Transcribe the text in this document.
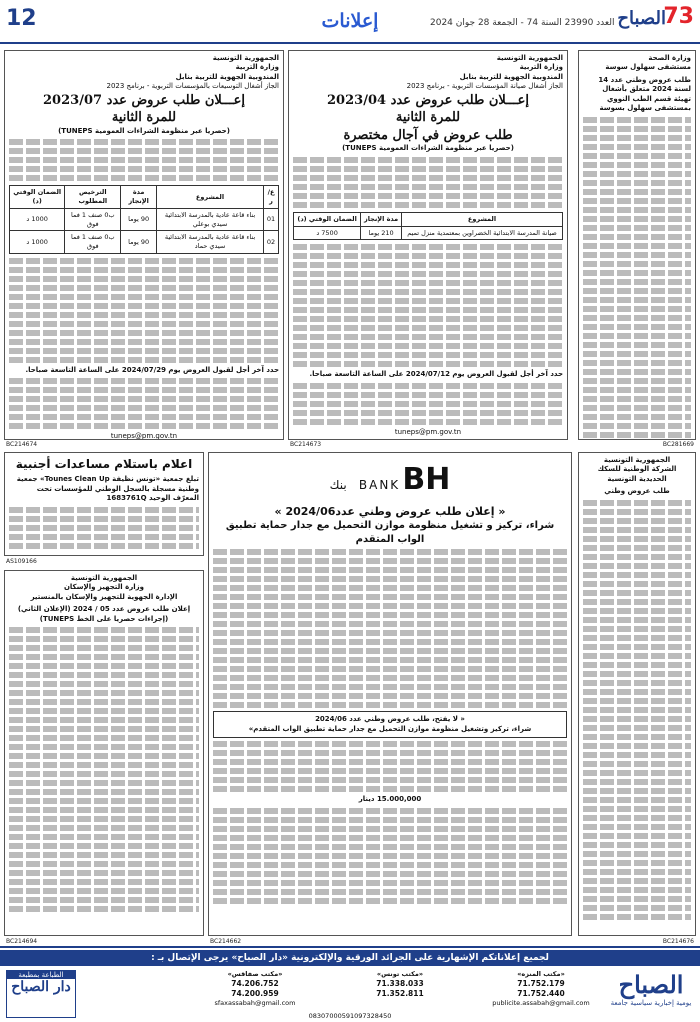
12	إعلانات	العدد 23990 السنة 74 - الجمعة 28 جوان 2024 73
الصباح
وزارة الصحة
مستشفى سهلول سوسة
طلب عروض وطني عدد 14 لسنة 2024 متعلق بأشغال تهيئة قسم الطب النووي بمستشفى سهلول بسوسة
BC281669
الجمهورية التونسية
وزارة التربية
المندوبية الجهوية للتربية بنابل
الجاز أشغال صيانة المؤسسات التربوية - برنامج 2023
إعـــلان طلب عروض عدد 2023/04
للمرة الثانية
طلب عروض في آجال مختصرة
(حصريا عبر منظومة الشراءات العمومية TUNEPS)
المشروع	مدة الإنجاز	الضمان الوقتي (د)
صيانة المدرسة الابتدائية الخضراوين بمعتمدية منزل تميم	210 يوما	7500 د
حدد آخر أجل لقبول العروض يوم 2024/07/12 على الساعة التاسعة صباحا.
tuneps@pm.gov.tn
BC214673
الجمهورية التونسية
وزارة التربية
المندوبية الجهوية للتربية بنابل
الجاز أشغال التوسيعات بالمؤسسات التربوية - برنامج 2023
إعـــلان طلب عروض عدد 2023/07
للمرة الثانية
(حصريا عبر منظومة الشراءات العمومية TUNEPS)
ع/ر	المشروع	مدة الإنجاز	الترخيص المطلوب	الضمان الوقتي (د)
01	بناء قاعة عادية بالمدرسة الابتدائية سيدي بوعلي	90 يوما	ب0 صنف 1 فما فوق	1000 د
02	بناء قاعة عادية بالمدرسة الابتدائية سيدي حماد	90 يوما	ب0 صنف 1 فما فوق	1000 د
حدد آخر أجل لقبول العروض يوم 2024/07/29 على الساعة التاسعة صباحا.
tuneps@pm.gov.tn
BC214674
الجمهورية التونسية
الشركة الوطنية للسكك الحديدية التونسية
طلب عروض وطني
BC214676
BH BANK بنك
« إعلان طلب عروض وطني عدد2024/06 »
شراء، تركيز و تشغيل منظومة موازن التحميل مع جدار حماية تطبيق الواب المتقدم
« لا يفتح، طلب عروض وطني عدد 2024/06
شراء، تركيز وتشغيل منظومة موازن التحميل مع جدار حماية تطبيق الواب المتقدم»
15.000,000 دينار
BC214662
اعلام باستلام مساعدات أجنبية
تبلغ جمعية «تونس نظيفة Tounes Clean Up» جمعية وطنية مسجلة بالسجل الوطني للمؤسسات تحت المعرّف الوحيد 1683761Q
AS109166
الجمهورية التونسية
وزارة التجهيز والإسكان
الإدارة الجهوية للتجهيز والإسكان بالمنستير
إعلان طلب عروض عدد 05 / 2024 (الإعلان الثاني)
(إجراءات حصريا على الخط TUNEPS)
BC214694
لجميع إعلاناتكم الإشهارية على الجرائد الورقية والإلكترونية «دار الصباح» يرجى الإتصال بـ :
الصباح
يومية إخبارية سياسية جامعة
«مكتب المنزه»
71.752.179
71.752.440
publicite.assabah@gmail.com
«مكتب تونس»
71.338.033
71.352.811
«مكتب صفاقس»
74.206.752
74.200.959
sfaxassabah@gmail.com
08307000591097328450
الطباعة بمطبعة
دار الصباح
